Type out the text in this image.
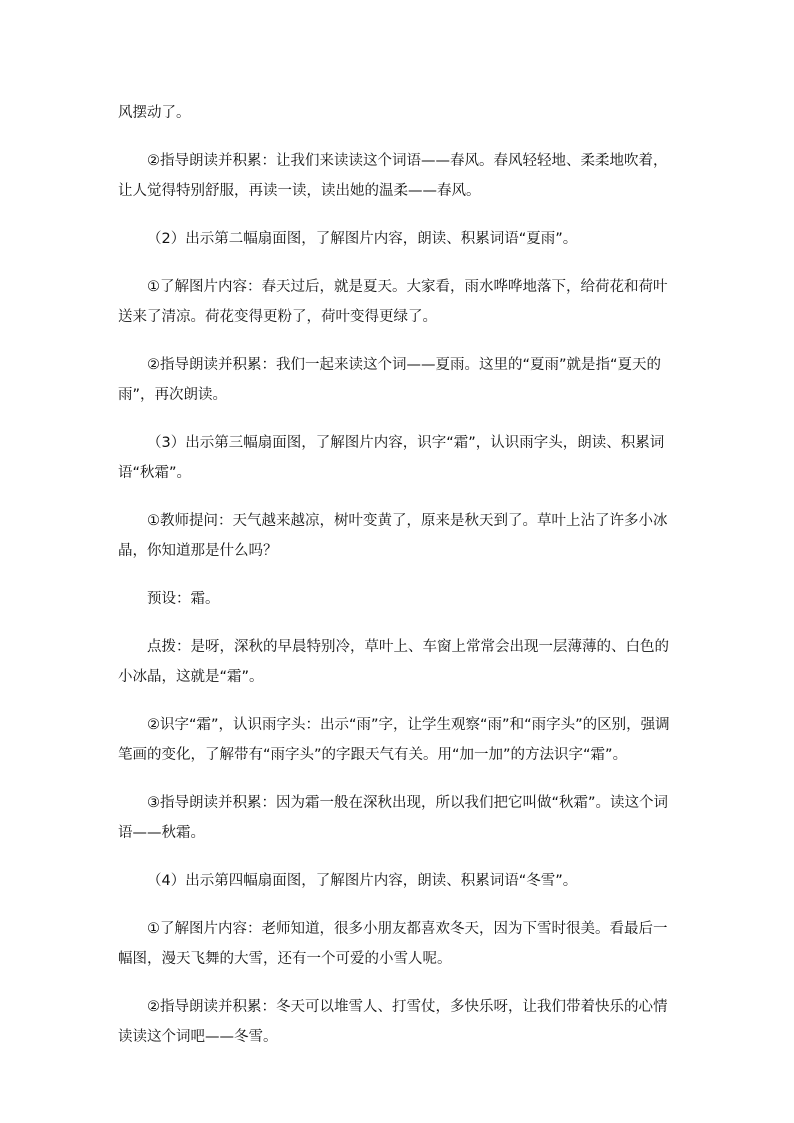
风摆动了。

②指导朗读并积累：让我们来读读这个词语——春风。春风轻轻地、柔柔地吹着，让人觉得特别舒服，再读一读，读出她的温柔——春风。

（2）出示第二幅扇面图，了解图片内容，朗读、积累词语“夏雨”。

①了解图片内容：春天过后，就是夏天。大家看，雨水哗哗地落下，给荷花和荷叶送来了清凉。荷花变得更粉了，荷叶变得更绿了。

②指导朗读并积累：我们一起来读这个词——夏雨。这里的“夏雨”就是指“夏天的雨”，再次朗读。

（3）出示第三幅扇面图，了解图片内容，识字“霜”，认识雨字头，朗读、积累词语“秋霜”。

①教师提问：天气越来越凉，树叶变黄了，原来是秋天到了。草叶上沾了许多小冰晶，你知道那是什么吗？

预设：霜。

点拨：是呀，深秋的早晨特别冷，草叶上、车窗上常常会出现一层薄薄的、白色的小冰晶，这就是“霜”。

②识字“霜”，认识雨字头：出示“雨”字，让学生观察“雨”和“雨字头”的区别，强调笔画的变化，了解带有“雨字头”的字跟天气有关。用“加一加”的方法识字“霜”。

③指导朗读并积累：因为霜一般在深秋出现，所以我们把它叫做“秋霜”。读这个词语——秋霜。

（4）出示第四幅扇面图，了解图片内容，朗读、积累词语“冬雪”。

①了解图片内容：老师知道，很多小朋友都喜欢冬天，因为下雪时很美。看最后一幅图，漫天飞舞的大雪，还有一个可爱的小雪人呢。

②指导朗读并积累：冬天可以堆雪人、打雪仗，多快乐呀，让我们带着快乐的心情读读这个词吧——冬雪。
